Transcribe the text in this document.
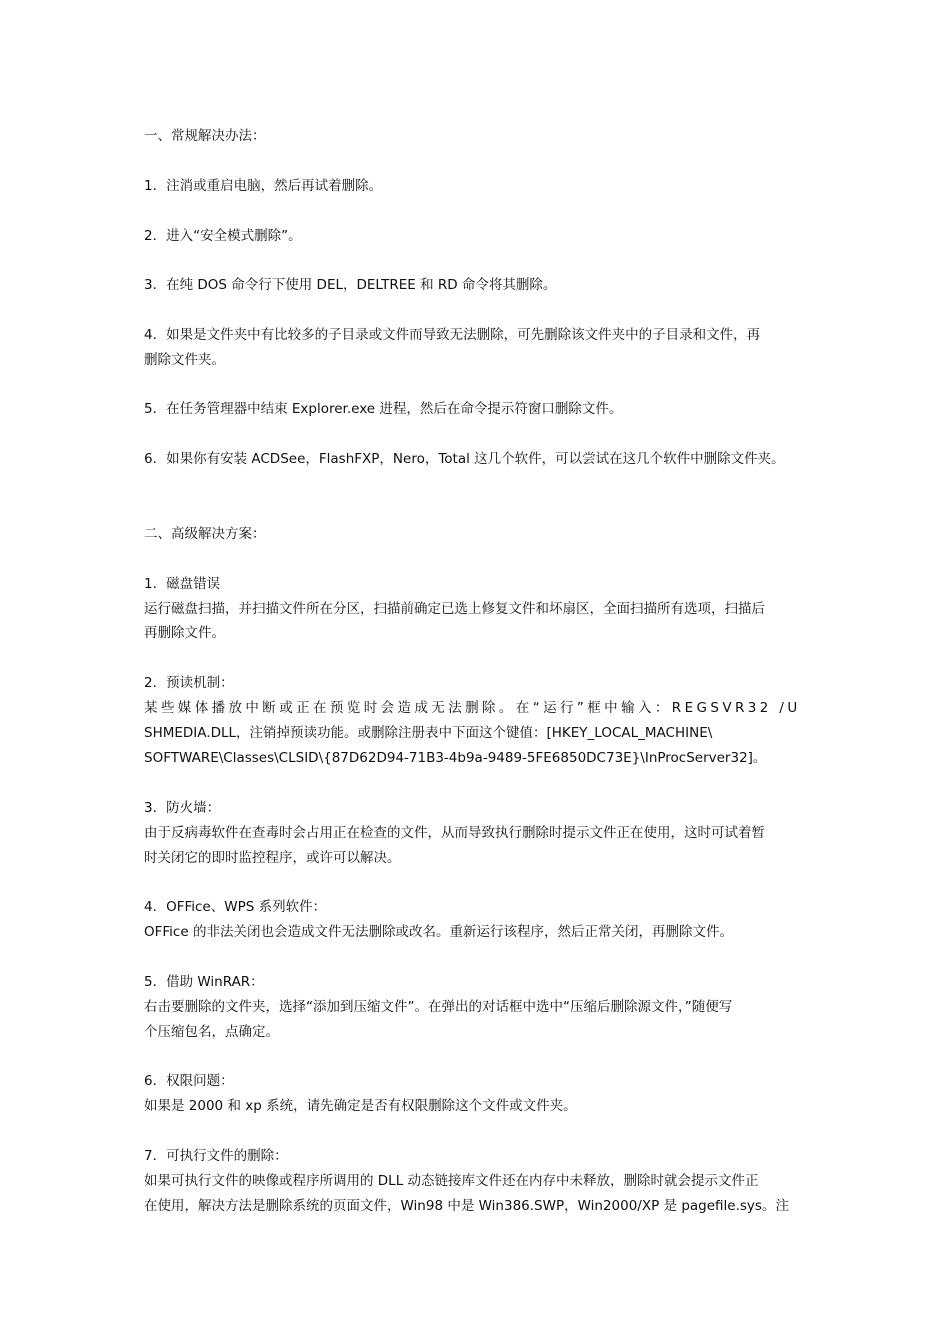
一、常规解决办法：
1．注消或重启电脑，然后再试着删除。
2．进入“安全模式删除”。
3．在纯 DOS 命令行下使用 DEL，DELTREE 和 RD 命令将其删除。
4．如果是文件夹中有比较多的子目录或文件而导致无法删除，可先删除该文件夹中的子目录和文件，再
删除文件夹。
5．在任务管理器中结束 Explorer.exe 进程，然后在命令提示符窗口删除文件。
6．如果你有安装 ACDSee，FlashFXP，Nero，Total 这几个软件，可以尝试在这几个软件中删除文件夹。
二、高级解决方案：
1．磁盘错误
运行磁盘扫描，并扫描文件所在分区，扫描前确定已选上修复文件和坏扇区，全面扫描所有选项，扫描后
再删除文件。
2．预读机制：
某些媒体播放中断或正在预览时会造成无法删除。在“运行”框中输入：REGSVR32 /U
SHMEDIA.DLL，注销掉预读功能。或删除注册表中下面这个键值：[HKEY_LOCAL_MACHINE\
SOFTWARE\Classes\CLSID\{87D62D94-71B3-4b9a-9489-5FE6850DC73E}\InProcServer32]。
3．防火墙：
由于反病毒软件在查毒时会占用正在检查的文件，从而导致执行删除时提示文件正在使用，这时可试着暂
时关闭它的即时监控程序，或许可以解决。
4．OFFice、WPS 系列软件：
OFFice 的非法关闭也会造成文件无法删除或改名。重新运行该程序，然后正常关闭，再删除文件。
5．借助 WinRAR：
右击要删除的文件夹，选择“添加到压缩文件”。在弹出的对话框中选中“压缩后删除源文件，”随便写
个压缩包名，点确定。
6．权限问题：
如果是 2000 和 xp 系统，请先确定是否有权限删除这个文件或文件夹。
7．可执行文件的删除：
如果可执行文件的映像或程序所调用的 DLL 动态链接库文件还在内存中未释放，删除时就会提示文件正
在使用，解决方法是删除系统的页面文件，Win98 中是 Win386.SWP，Win2000/XP 是 pagefile.sys。注
